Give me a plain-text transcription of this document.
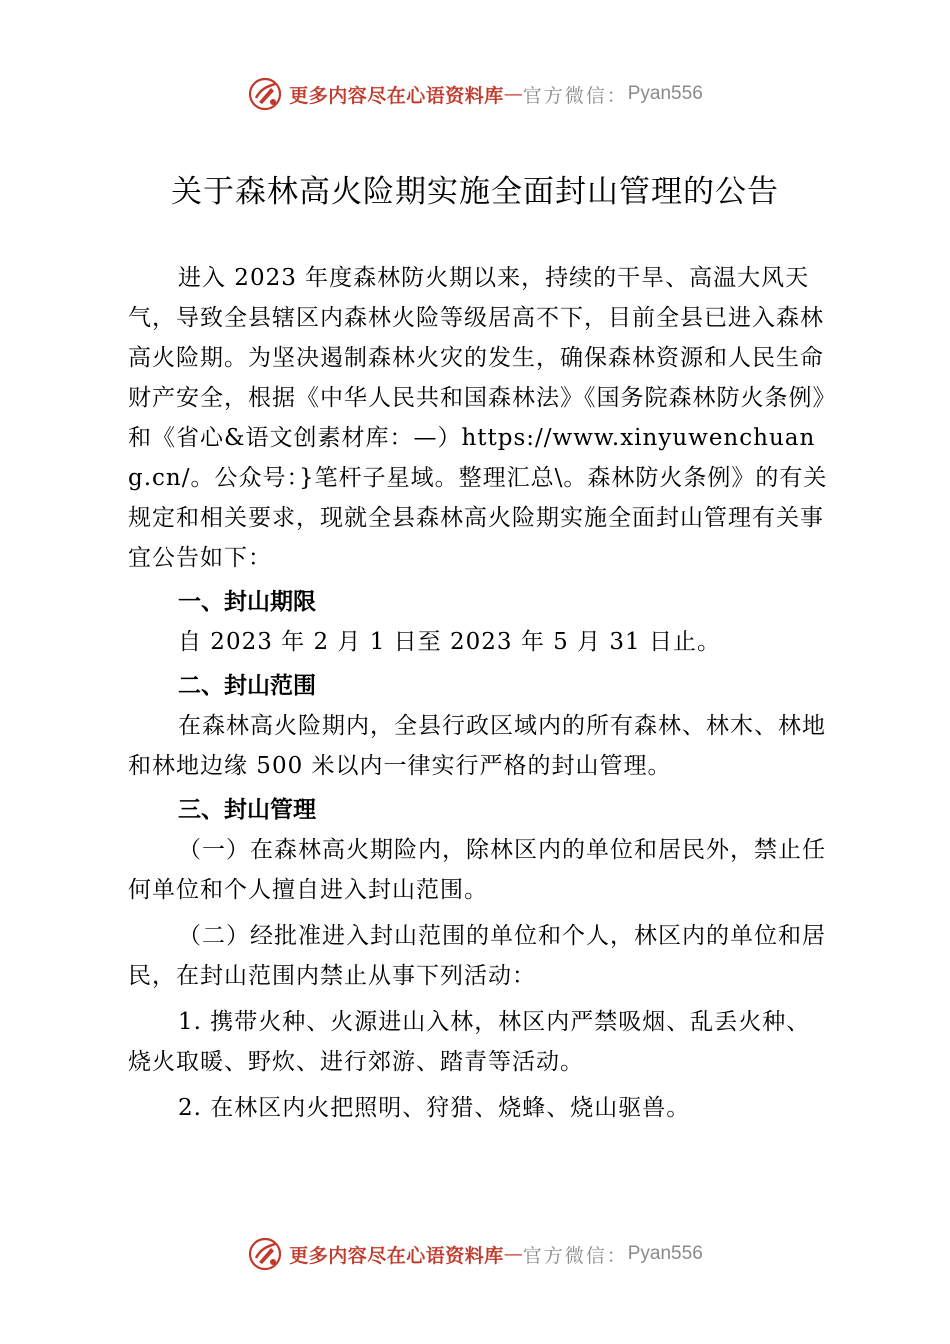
更多内容尽在心语资料库 — 官方微信： Pyan556
关于森林高火险期实施全面封山管理的公告

进入 2023 年度森林防火期以来，持续的干旱、高温大风天气，导致全县辖区内森林火险等级居高不下，目前全县已进入森林高火险期。为坚决遏制森林火灾的发生，确保森林资源和人民生命财产安全，根据《中华人民共和国森林法》《国务院森林防火条例》和《省心&语文创素材库：—）https://www.xinyuwenchuang.cn/。公众号：}笔杆子星域。整理汇总\。森林防火条例》的有关规定和相关要求，现就全县森林高火险期实施全面封山管理有关事宜公告如下：

一、封山期限

自 2023 年 2 月 1 日至 2023 年 5 月 31 日止。

二、封山范围

在森林高火险期内，全县行政区域内的所有森林、林木、林地和林地边缘 500 米以内一律实行严格的封山管理。

三、封山管理

（一）在森林高火期险内，除林区内的单位和居民外，禁止任何单位和个人擅自进入封山范围。

（二）经批准进入封山范围的单位和个人，林区内的单位和居民，在封山范围内禁止从事下列活动：

1. 携带火种、火源进山入林，林区内严禁吸烟、乱丢火种、烧火取暖、野炊、进行郊游、踏青等活动。

2. 在林区内火把照明、狩猎、烧蜂、烧山驱兽。

更多内容尽在心语资料库 — 官方微信： Pyan556
